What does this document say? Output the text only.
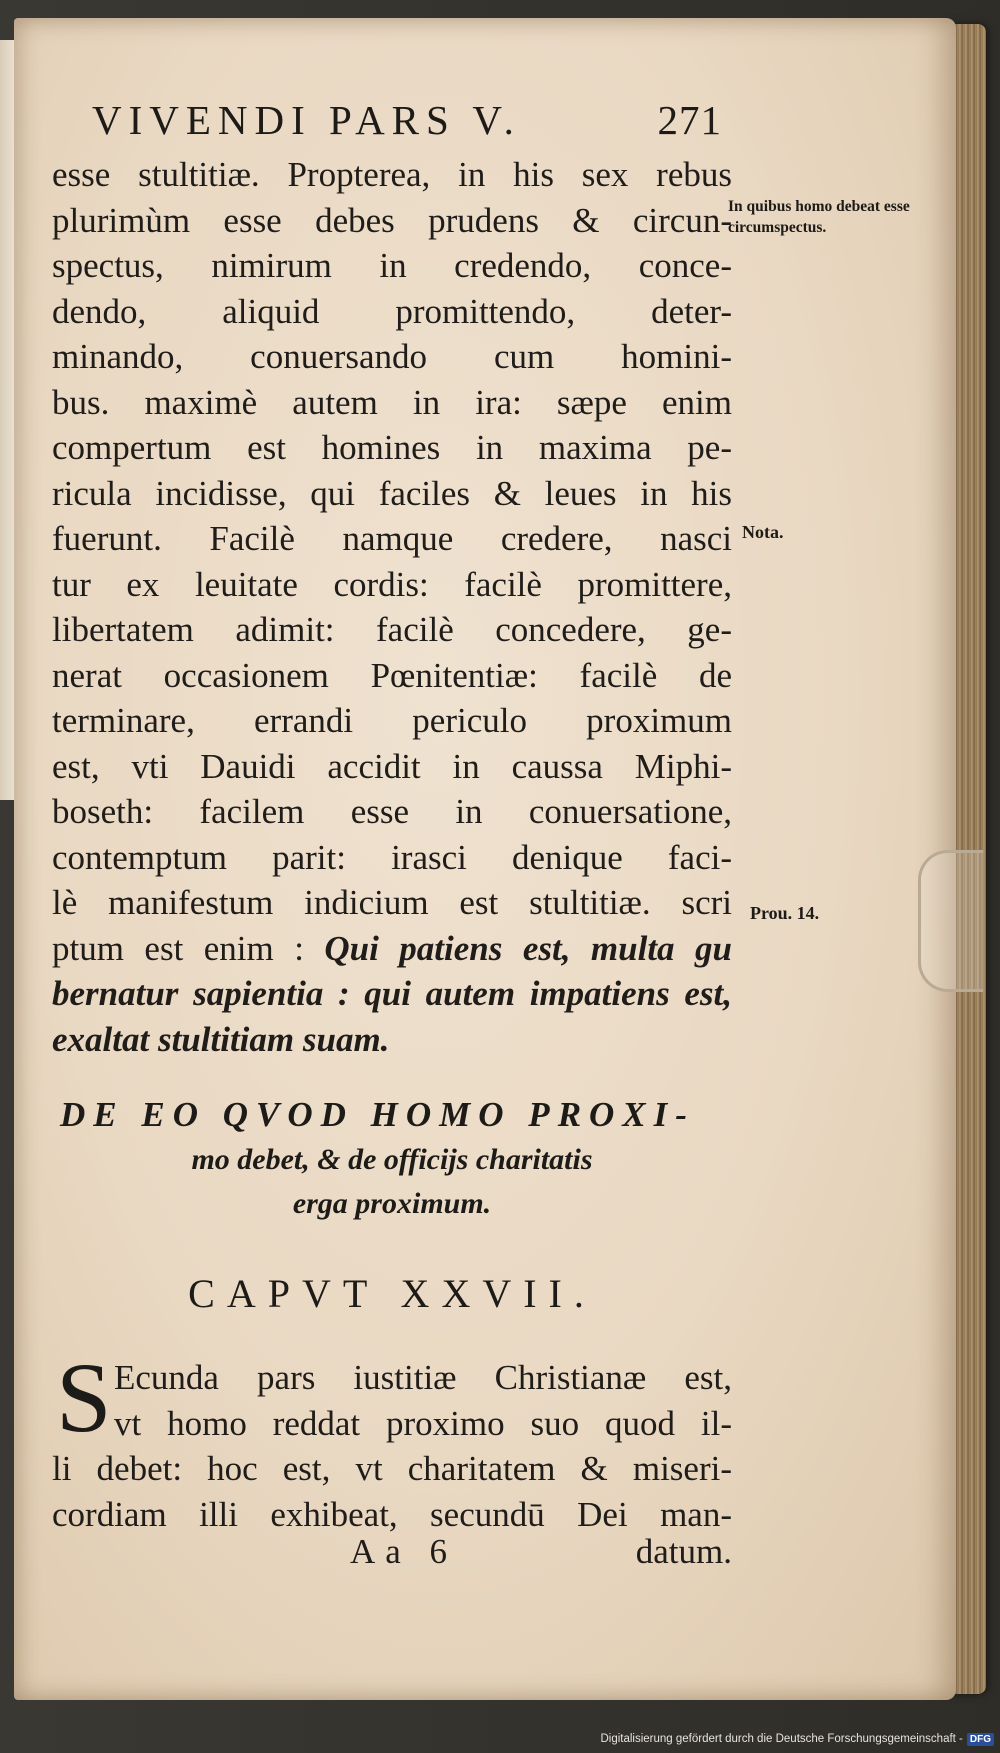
VIVENDI PARS V.	271
esse stultitiæ. Propterea, in his sex rebus
plurimùm esse debes prudens & circun-
spectus, nimirum in credendo, conce-
dendo, aliquid promittendo, deter-
minando, conuersando cum homini-
bus. maximè autem in ira: sæpe enim
compertum est homines in maxima pe-
ricula incidisse, qui faciles & leues in his
fuerunt. Facilè namque credere, nasci
tur ex leuitate cordis: facilè promittere,
libertatem adimit: facilè concedere, ge-
nerat occasionem Pœnitentiæ: facilè de
terminare, errandi periculo proximum
est, vti Dauidi accidit in caussa Miphi-
boseth: facilem esse in conuersatione,
contemptum parit: irasci denique faci-
lè manifestum indicium est stultitiæ. scri
ptum est enim : Qui patiens est, multa gu
bernatur sapientia : qui autem impatiens est,
exaltat stultitiam suam.
In quibus homo debeat esse circumspectus.
Nota.
Prou. 14.
DE EO QVOD HOMO PROXI-
mo debet, & de officijs charitatis
erga proximum.
CAPVT XXVII.
S Ecunda pars iustitiæ Christianæ est,
vt homo reddat proximo suo quod il-
li debet: hoc est, vt charitatem & miseri-
cordiam illi exhibeat, secundū Dei man-
Aa 6	datum.
Digitalisierung gefördert durch die Deutsche Forschungsgemeinschaft - DFG
